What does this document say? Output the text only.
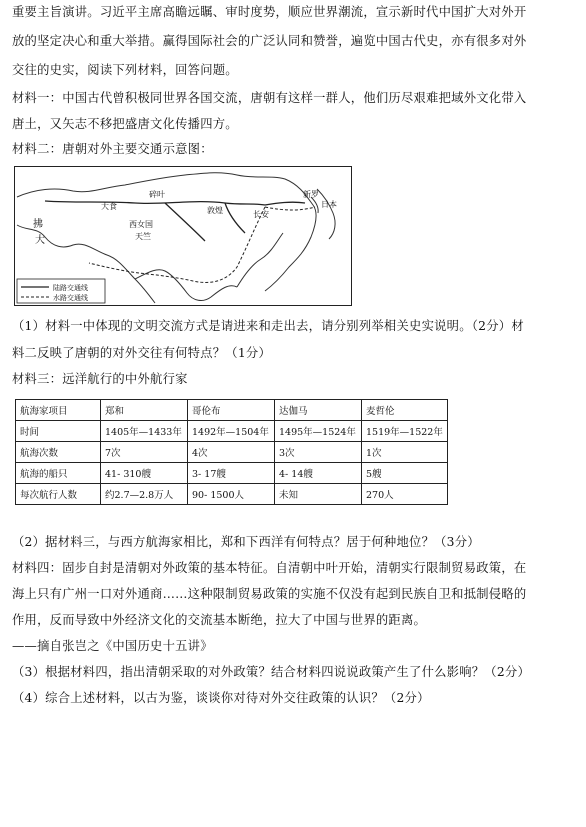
重要主旨演讲。习近平主席高瞻远瞩、审时度势，顺应世界潮流，宣示新时代中国扩大对外开

放的坚定决心和重大举措。赢得国际社会的广泛认同和赞誉，遍览中国古代史，亦有很多对外

交往的史实，阅读下列材料，回答问题。

材料一：中国古代曾积极同世界各国交流，唐朝有这样一群人，他们历尽艰难把域外文化带入

唐土，又矢志不移把盛唐文化传播四方。

材料二：唐朝对外主要交通示意图：

拂
大
大食
碎叶
敦煌	长安
新罗
日本
西女国
天竺
陆路交通线
水路交通线

（1）材料一中体现的文明交流方式是请进来和走出去，请分别列举相关史实说明。（2分）材

料二反映了唐朝的对外交往有何特点？（1分）

材料三：远洋航行的中外航行家

航海家项目	郑和	哥伦布	达伽马	麦哲伦
时间	1405年—1433年	1492年—1504年	1495年—1524年	1519年—1522年
航海次数	7次	4次	3次	1次
航海的船只	41- 310艘	3- 17艘	4- 14艘	5艘
每次航行人数	约2.7—2.8万人	90- 1500人	未知	270人

（2）据材料三，与西方航海家相比，郑和下西洋有何特点？居于何种地位？（3分）

材料四：固步自封是清朝对外政策的基本特征。自清朝中叶开始，清朝实行限制贸易政策，在

海上只有广州一口对外通商……这种限制贸易政策的实施不仅没有起到民族自卫和抵制侵略的

作用，反而导致中外经济文化的交流基本断绝，拉大了中国与世界的距离。

——摘自张岂之《中国历史十五讲》

（3）根据材料四，指出清朝采取的对外政策？结合材料四说说政策产生了什么影响？（2分）

（4）综合上述材料，以古为鉴，谈谈你对待对外交往政策的认识？（2分）
